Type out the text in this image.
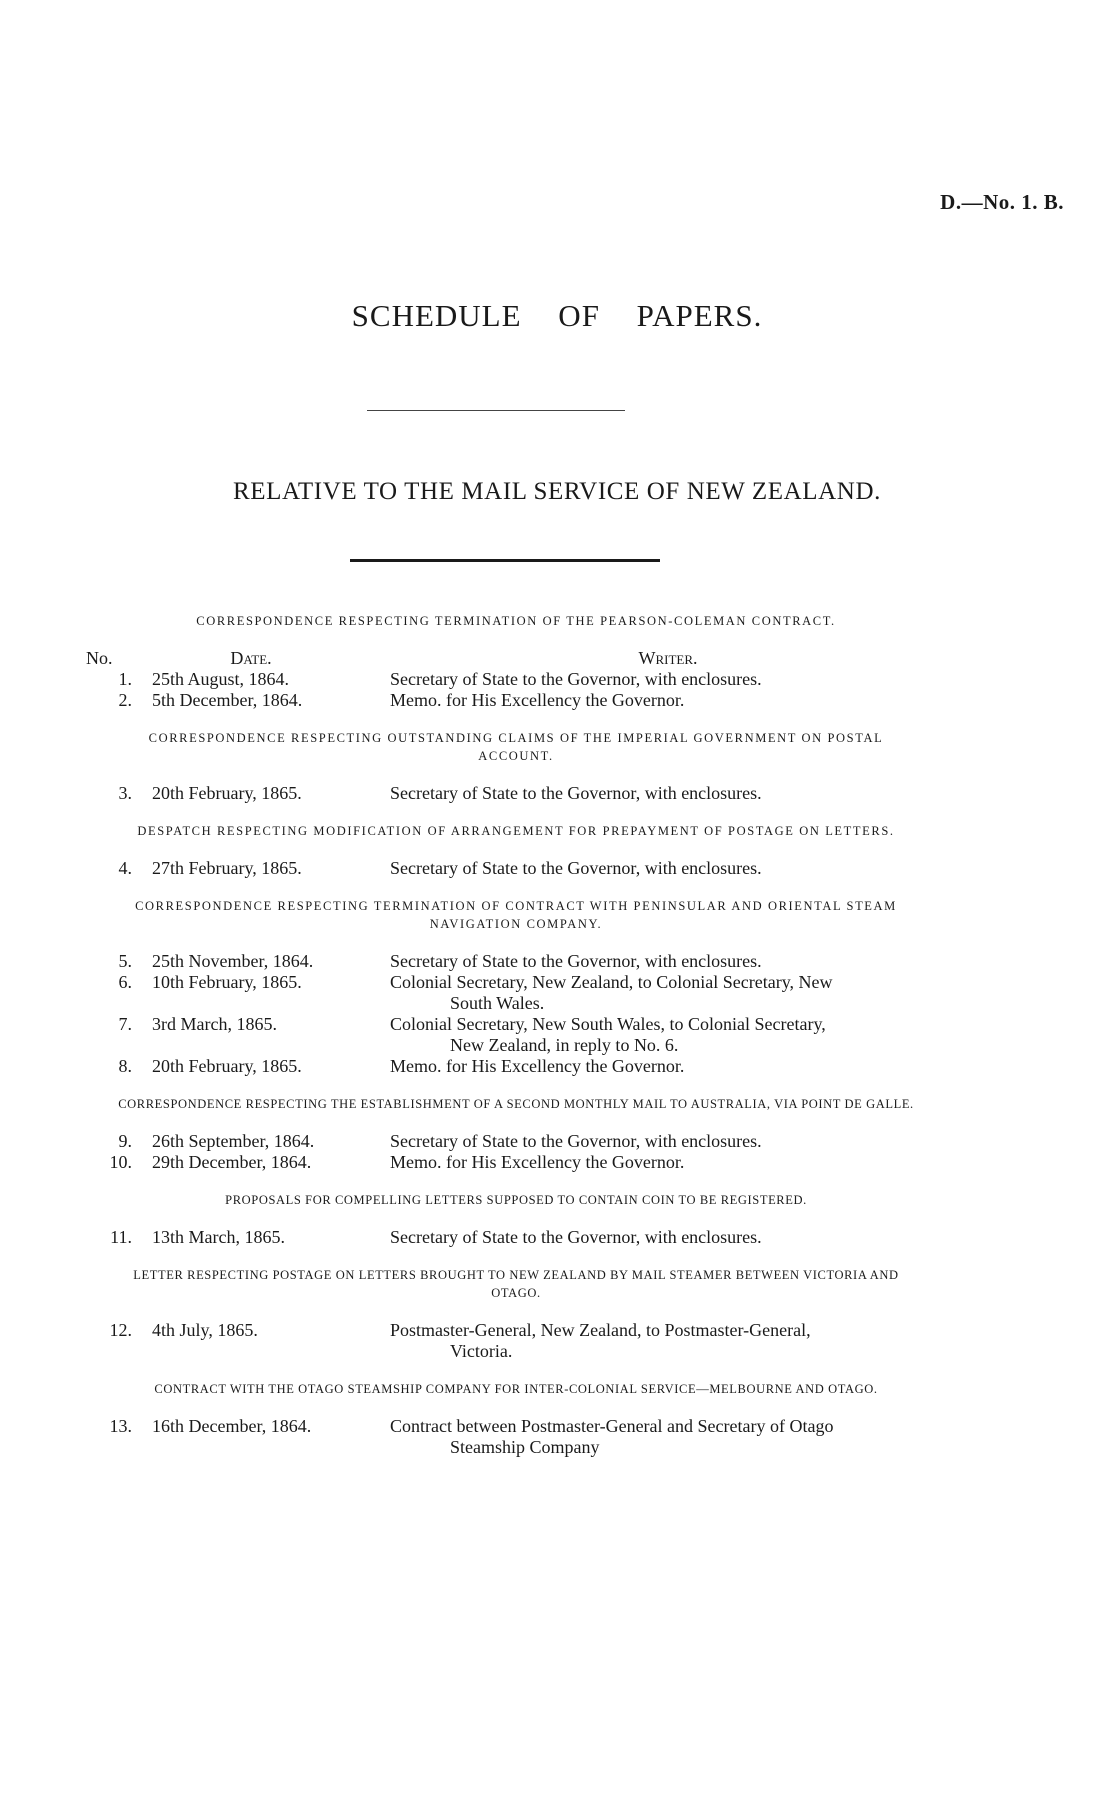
D.—No. 1. B.
SCHEDULE OF PAPERS.
RELATIVE TO THE MAIL SERVICE OF NEW ZEALAND.
CORRESPONDENCE RESPECTING TERMINATION OF THE PEARSON-COLEMAN CONTRACT.
No.	Date.	Writer.
1.	25th August, 1864.	Secretary of State to the Governor, with enclosures.
2.	5th December, 1864.	Memo. for His Excellency the Governor.
CORRESPONDENCE RESPECTING OUTSTANDING CLAIMS OF THE IMPERIAL GOVERNMENT ON POSTAL ACCOUNT.
3.	20th February, 1865.	Secretary of State to the Governor, with enclosures.
DESPATCH RESPECTING MODIFICATION OF ARRANGEMENT FOR PREPAYMENT OF POSTAGE ON LETTERS.
4.	27th February, 1865.	Secretary of State to the Governor, with enclosures.
CORRESPONDENCE RESPECTING TERMINATION OF CONTRACT WITH PENINSULAR AND ORIENTAL STEAM NAVIGATION COMPANY.
5.	25th November, 1864.	Secretary of State to the Governor, with enclosures.
6.	10th February, 1865.	Colonial Secretary, New Zealand, to Colonial Secretary, New
South Wales.
7.	3rd March, 1865.	Colonial Secretary, New South Wales, to Colonial Secretary,
New Zealand, in reply to No. 6.
8.	20th February, 1865.	Memo. for His Excellency the Governor.
CORRESPONDENCE RESPECTING THE ESTABLISHMENT OF A SECOND MONTHLY MAIL TO AUSTRALIA, VIA POINT DE GALLE.
9.	26th September, 1864.	Secretary of State to the Governor, with enclosures.
10.	29th December, 1864.	Memo. for His Excellency the Governor.
PROPOSALS FOR COMPELLING LETTERS SUPPOSED TO CONTAIN COIN TO BE REGISTERED.
11.	13th March, 1865.	Secretary of State to the Governor, with enclosures.
LETTER RESPECTING POSTAGE ON LETTERS BROUGHT TO NEW ZEALAND BY MAIL STEAMER BETWEEN VICTORIA AND OTAGO.
12.	4th July, 1865.	Postmaster-General, New Zealand, to Postmaster-General,
Victoria.
CONTRACT WITH THE OTAGO STEAMSHIP COMPANY FOR INTER-COLONIAL SERVICE—MELBOURNE AND OTAGO.
13.	16th December, 1864.	Contract between Postmaster-General and Secretary of Otago
Steamship Company
